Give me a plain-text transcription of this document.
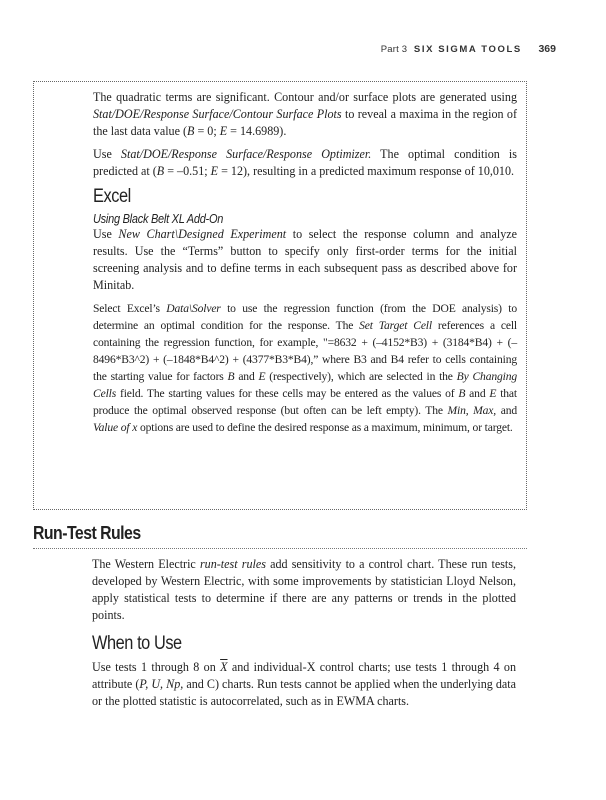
Part 3 SIX SIGMA TOOLS 369

The quadratic terms are significant. Contour and/or surface plots are generated using Stat/DOE/Response Surface/Contour Surface Plots to reveal a maxima in the region of the last data value (B = 0; E = 14.6989).

Use Stat/DOE/Response Surface/Response Optimizer. The optimal condition is predicted at (B = –0.51; E = 12), resulting in a predicted maximum response of 10,010.

Excel
Using Black Belt XL Add-On

Use New Chart\Designed Experiment to select the response column and analyze results. Use the “Terms” button to specify only first-order terms for the initial screening analysis and to define terms in each subsequent pass as described above for Minitab.

Select Excel’s Data\Solver to use the regression function (from the DOE analysis) to determine an optimal condition for the response. The Set Target Cell references a cell containing the regression function, for example, "=8632 + (–4152*B3) + (3184*B4) + (–8496*B3^2) + (–1848*B4^2) + (4377*B3*B4),” where B3 and B4 refer to cells containing the starting value for factors B and E (respectively), which are selected in the By Changing Cells field. The starting values for these cells may be entered as the values of B and E that produce the optimal observed response (but often can be left empty). The Min, Max, and Value of x options are used to define the desired response as a maximum, minimum, or target.

Run-Test Rules

The Western Electric run-test rules add sensitivity to a control chart. These run tests, developed by Western Electric, with some improvements by statistician Lloyd Nelson, apply statistical tests to determine if there are any patterns or trends in the plotted points.

When to Use

Use tests 1 through 8 on $\overline{X}$ and individual-X control charts; use tests 1 through 4 on attribute (P, U, Np, and C) charts. Run tests cannot be applied when the underlying data or the plotted statistic is autocorrelated, such as in EWMA charts.
